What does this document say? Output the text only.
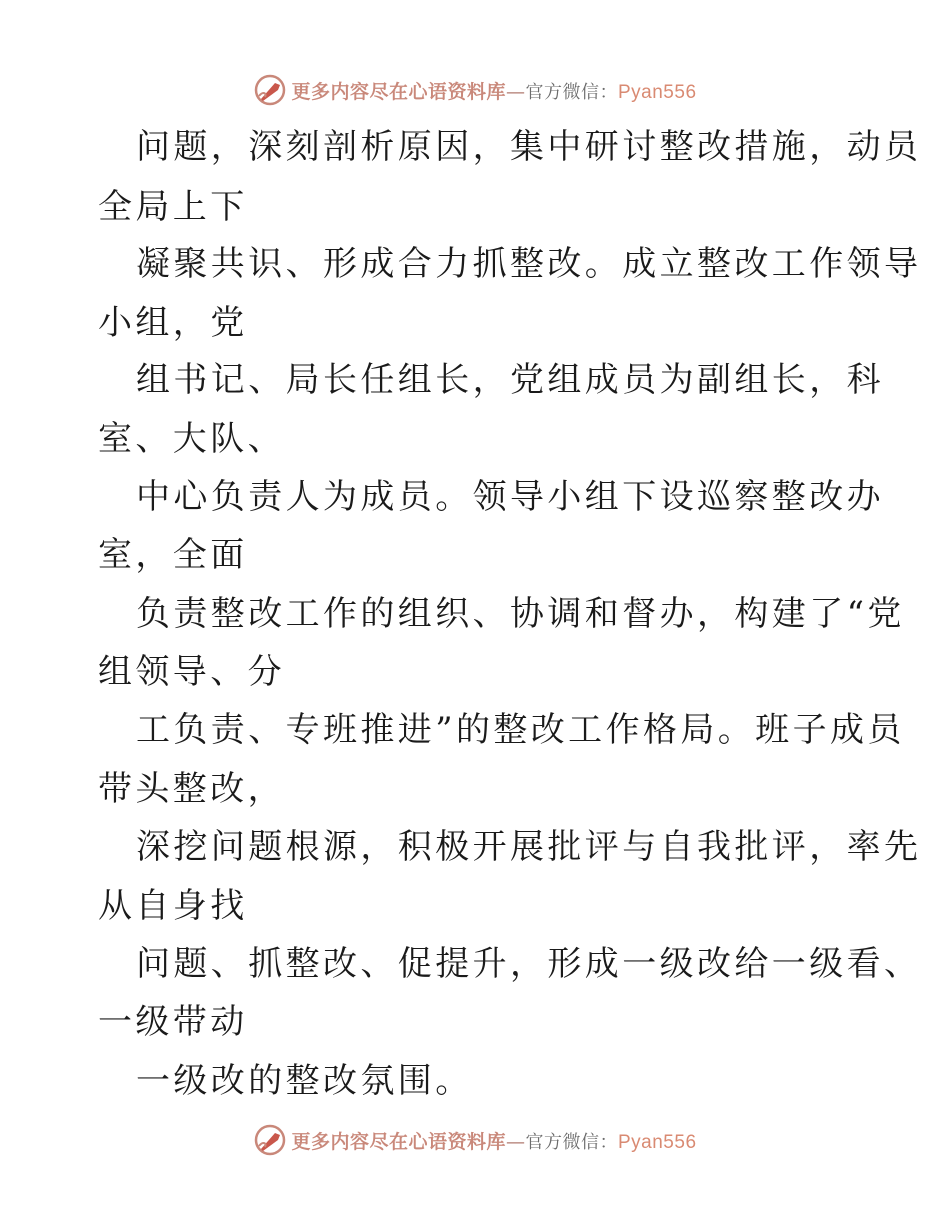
更多内容尽在心语资料库—官方微信：Pyan556
问题，深刻剖析原因，集中研讨整改措施，动员
全局上下
凝聚共识、形成合力抓整改。成立整改工作领导
小组，党
组书记、局长任组长，党组成员为副组长，科
室、大队、
中心负责人为成员。领导小组下设巡察整改办
室，全面
负责整改工作的组织、协调和督办，构建了“党
组领导、分
工负责、专班推进”的整改工作格局。班子成员
带头整改，
深挖问题根源，积极开展批评与自我批评，率先
从自身找
问题、抓整改、促提升，形成一级改给一级看、
一级带动
一级改的整改氛围。
更多内容尽在心语资料库—官方微信：Pyan556
